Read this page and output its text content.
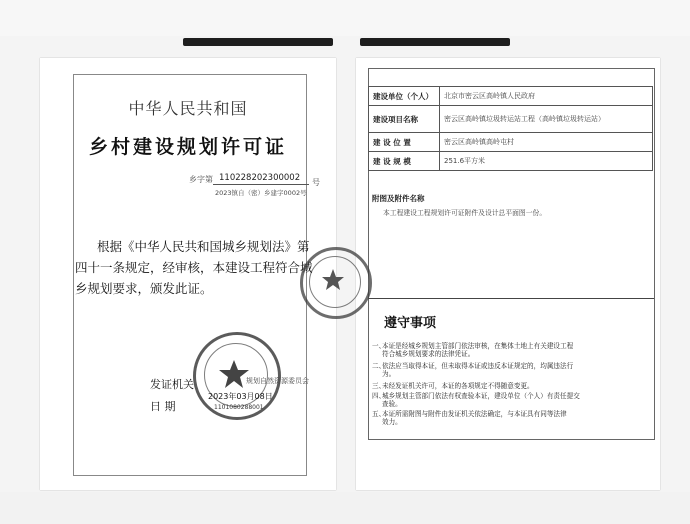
中华人民共和国
乡村建设规划许可证
乡字第 110228202300002 号
2023镇自（密）乡建字0002号
根据《中华人民共和国城乡规划法》第
四十一条规定，经审核，本建设工程符合城
乡规划要求，颁发此证。
1101080288001
发证机关	规划自然资源委员会
日 期
2023年03月08日
建设单位（个人）	北京市密云区高岭镇人民政府
建设项目名称	密云区高岭镇垃圾转运站工程（高岭镇垃圾转运站）
建 设 位 置	密云区高岭镇高岭屯村
建 设 规 模	251.6平方米
附图及附件名称
本工程建设工程规划许可证附件及设计总平面图一份。
遵守事项
一、本证是经城乡规划主管部门依法审核，在集体土地上有关建设工程
符合城乡规划要求的法律凭证。
二、依法应当取得本证，但未取得本证或违反本证规定的，均属违法行
为。
三、未经发证机关许可，本证的各项规定不得随意变更。
四、城乡规划主管部门依法有权查验本证，建设单位（个人）有责任提交
查验。
五、本证所需附图与附件由发证机关依法确定，与本证具有同等法律
效力。
